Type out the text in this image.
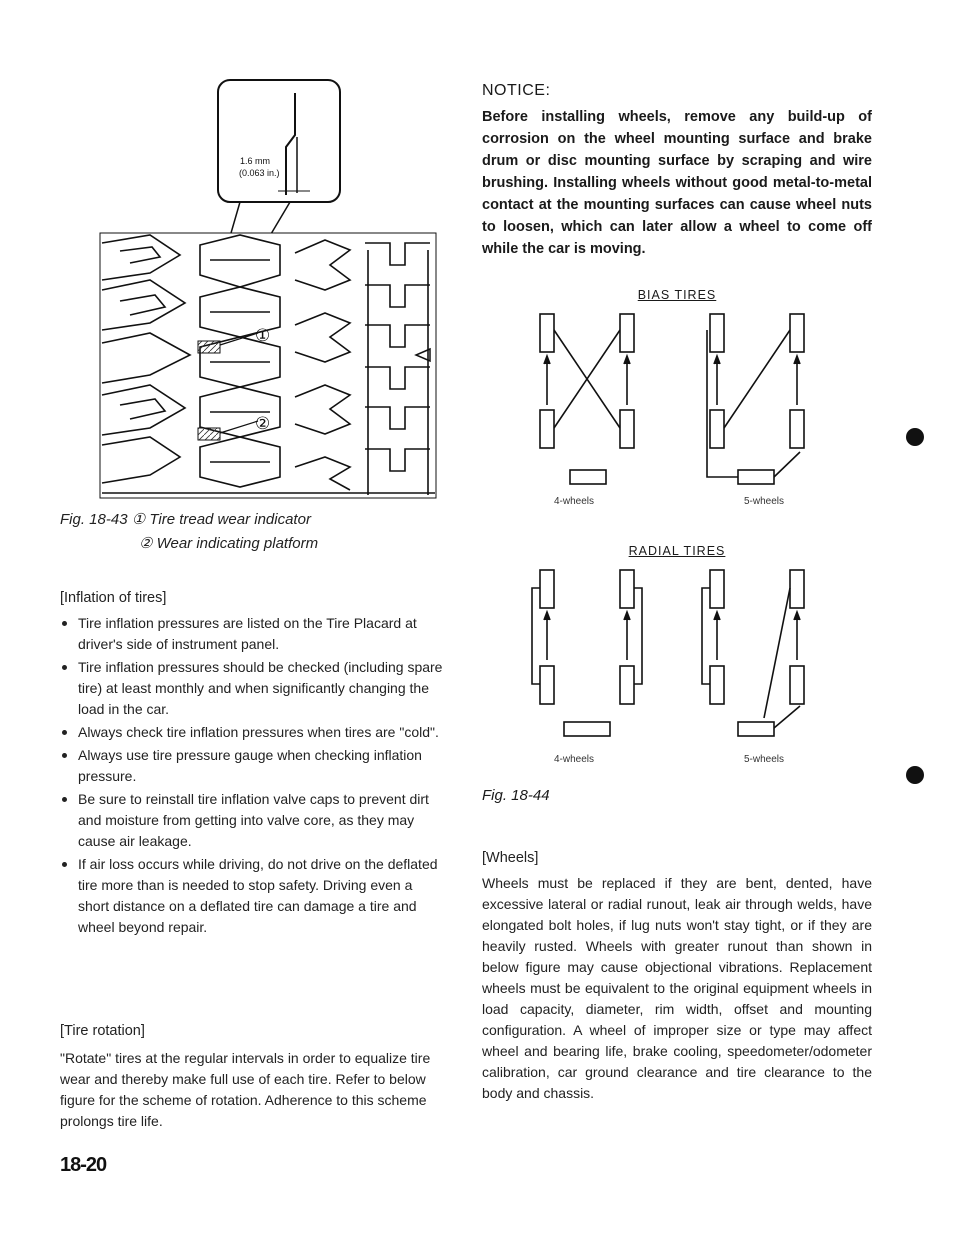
1.6 mm
(0.063 in.)
①
②
Fig. 18-43 ① Tire tread wear indicator
② Wear indicating platform

[Inflation of tires]

Tire inflation pressures are listed on the Tire Placard at driver's side of instrument panel.
Tire inflation pressures should be checked (including spare tire) at least monthly and when significantly changing the load in the car.
Always check tire inflation pressures when tires are "cold".
Always use tire pressure gauge when checking inflation pressure.
Be sure to reinstall tire inflation valve caps to prevent dirt and moisture from getting into valve core, as they may cause air leakage.
If air loss occurs while driving, do not drive on the deflated tire more than is needed to stop safety. Driving even a short distance on a deflated tire can damage a tire and wheel beyond repair.

[Tire rotation]

"Rotate" tires at the regular intervals in order to equalize tire wear and thereby make full use of each tire. Refer to below figure for the scheme of rotation. Adherence to this scheme prolongs tire life.

18-20

NOTICE:

Before installing wheels, remove any build-up of corrosion on the wheel mounting surface and brake drum or disc mounting surface by scraping and wire brushing. Installing wheels without good metal-to-metal contact at the mounting surfaces can cause wheel nuts to loosen, which can later allow a wheel to come off while the car is moving.

BIAS TIRES
4-wheels	5-wheels
RADIAL TIRES
4-wheels	5-wheels
Fig. 18-44

[Wheels]

Wheels must be replaced if they are bent, dented, have excessive lateral or radial runout, leak air through welds, have elongated bolt holes, if lug nuts won't stay tight, or if they are heavily rusted. Wheels with greater runout than shown in below figure may cause objectional vibrations. Replacement wheels must be equivalent to the original equipment wheels in load capacity, diameter, rim width, offset and mounting configuration. A wheel of improper size or type may affect wheel and bearing life, brake cooling, speedometer/odometer calibration, car ground clearance and tire clearance to the body and chassis.
